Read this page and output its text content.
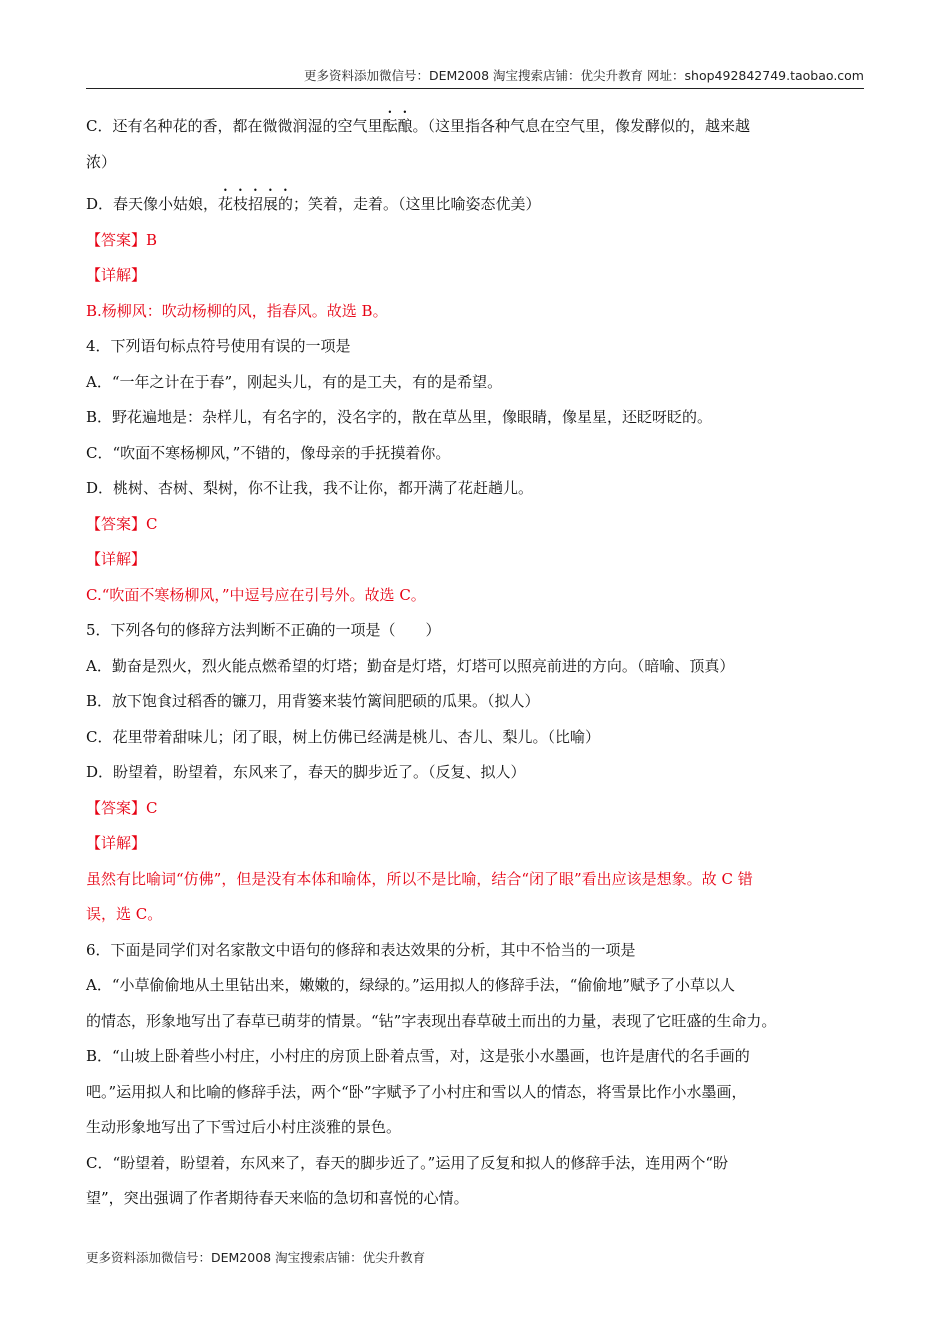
更多资料添加微信号：DEM2008 淘宝搜索店铺：优尖升教育 网址：shop492842749.taobao.com

C．还有名种花的香，都在微微润湿的空气里酝酿。（这里指各种气息在空气里，像发酵似的，越来越

浓）

D．春天像小姑娘，花枝招展的；笑着，走着。（这里比喻姿态优美）

【答案】B

【详解】

B.杨柳风：吹动杨柳的风，指春风。故选 B。

4．下列语句标点符号使用有误的一项是

A．“一年之计在于春”，刚起头儿，有的是工夫，有的是希望。

B．野花遍地是：杂样儿，有名字的，没名字的，散在草丛里，像眼睛，像星星，还眨呀眨的。

C．“吹面不寒杨柳风，”不错的，像母亲的手抚摸着你。

D．桃树、杏树、梨树，你不让我，我不让你，都开满了花赶趟儿。

【答案】C

【详解】

C.“吹面不寒杨柳风，”中逗号应在引号外。故选 C。

5．下列各句的修辞方法判断不正确的一项是（　　）

A．勤奋是烈火，烈火能点燃希望的灯塔；勤奋是灯塔，灯塔可以照亮前进的方向。（暗喻、顶真）

B．放下饱食过稻香的镰刀，用背篓来装竹篱间肥硕的瓜果。（拟人）

C．花里带着甜味儿；闭了眼，树上仿佛已经满是桃儿、杏儿、梨儿。（比喻）

D．盼望着，盼望着，东风来了，春天的脚步近了。（反复、拟人）

【答案】C

【详解】

虽然有比喻词“仿佛”，但是没有本体和喻体，所以不是比喻，结合“闭了眼”看出应该是想象。故 C 错

误，选 C。

6．下面是同学们对名家散文中语句的修辞和表达效果的分析，其中不恰当的一项是

A．“小草偷偷地从土里钻出来，嫩嫩的，绿绿的。”运用拟人的修辞手法，“偷偷地”赋予了小草以人

的情态，形象地写出了春草已萌芽的情景。“钻”字表现出春草破土而出的力量，表现了它旺盛的生命力。

B．“山坡上卧着些小村庄，小村庄的房顶上卧着点雪，对，这是张小水墨画，也许是唐代的名手画的

吧。”运用拟人和比喻的修辞手法，两个“卧”字赋予了小村庄和雪以人的情态，将雪景比作小水墨画，

生动形象地写出了下雪过后小村庄淡雅的景色。

C．“盼望着，盼望着，东风来了，春天的脚步近了。”运用了反复和拟人的修辞手法，连用两个“盼

望”，突出强调了作者期待春天来临的急切和喜悦的心情。

更多资料添加微信号：DEM2008 淘宝搜索店铺：优尖升教育
